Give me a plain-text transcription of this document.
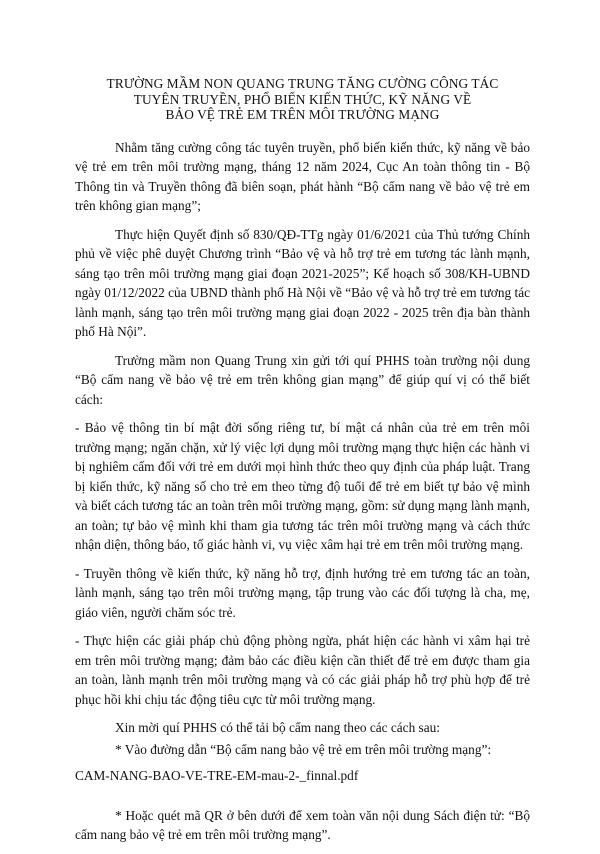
TRƯỜNG MẦM NON QUANG TRUNG TĂNG CƯỜNG CÔNG TÁC
TUYÊN TRUYỀN, PHỔ BIẾN KIẾN THỨC, KỸ NĂNG VỀ
BẢO VỆ TRẺ EM TRÊN MÔI TRƯỜNG MẠNG

Nhằm tăng cường công tác tuyên truyền, phổ biến kiến thức, kỹ năng về bảo vệ trẻ em trên môi trường mạng, tháng 12 năm 2024, Cục An toàn thông tin - Bộ Thông tin và Truyền thông đã biên soạn, phát hành “Bộ cẩm nang về bảo vệ trẻ em trên không gian mạng”;

Thực hiện Quyết định số 830/QĐ-TTg ngày 01/6/2021 của Thủ tướng Chính phủ về việc phê duyệt Chương trình “Bảo vệ và hỗ trợ trẻ em tương tác lành mạnh, sáng tạo trên môi trường mạng giai đoạn 2021-2025”; Kế hoạch số 308/KH-UBND ngày 01/12/2022 của UBND thành phố Hà Nội về “Bảo vệ và hỗ trợ trẻ em tương tác lành mạnh, sáng tạo trên môi trường mạng giai đoạn 2022 - 2025 trên địa bàn thành phố Hà Nội”.

Trường mầm non Quang Trung xin gửi tới quí PHHS toàn trường nội dung “Bộ cẩm nang về bảo vệ trẻ em trên không gian mạng” để giúp quí vị có thể biết cách:

- Bảo vệ thông tin bí mật đời sống riêng tư, bí mật cá nhân của trẻ em trên môi trường mạng; ngăn chặn, xử lý việc lợi dụng môi trường mạng thực hiện các hành vi bị nghiêm cấm đối với trẻ em dưới mọi hình thức theo quy định của pháp luật. Trang bị kiến thức, kỹ năng số cho trẻ em theo từng độ tuổi để trẻ em biết tự bảo vệ mình và biết cách tương tác an toàn trên môi trường mạng, gồm: sử dụng mạng lành mạnh, an toàn; tự bảo vệ mình khi tham gia tương tác trên môi trường mạng và cách thức nhận diện, thông báo, tố giác hành vi, vụ việc xâm hại trẻ em trên môi trường mạng.

- Truyền thông về kiến thức, kỹ năng hỗ trợ, định hướng trẻ em tương tác an toàn, lành mạnh, sáng tạo trên môi trường mạng, tập trung vào các đối tượng là cha, mẹ, giáo viên, người chăm sóc trẻ.

- Thực hiện các giải pháp chủ động phòng ngừa, phát hiện các hành vi xâm hại trẻ em trên môi trường mạng; đảm bảo các điều kiện cần thiết để trẻ em được tham gia an toàn, lành mạnh trên môi trường mạng và có các giải pháp hỗ trợ phù hợp để trẻ phục hồi khi chịu tác động tiêu cực từ môi trường mạng.

Xin mời quí PHHS có thể tải bộ cẩm nang theo các cách sau:

* Vào đường dẫn “Bộ cẩm nang bảo vệ trẻ em trên môi trường mạng”:

CAM-NANG-BAO-VE-TRE-EM-mau-2-_finnal.pdf

* Hoặc quét mã QR ở bên dưới để xem toàn văn nội dung Sách điện tử: “Bộ cẩm nang bảo vệ trẻ em trên môi trường mạng”.
